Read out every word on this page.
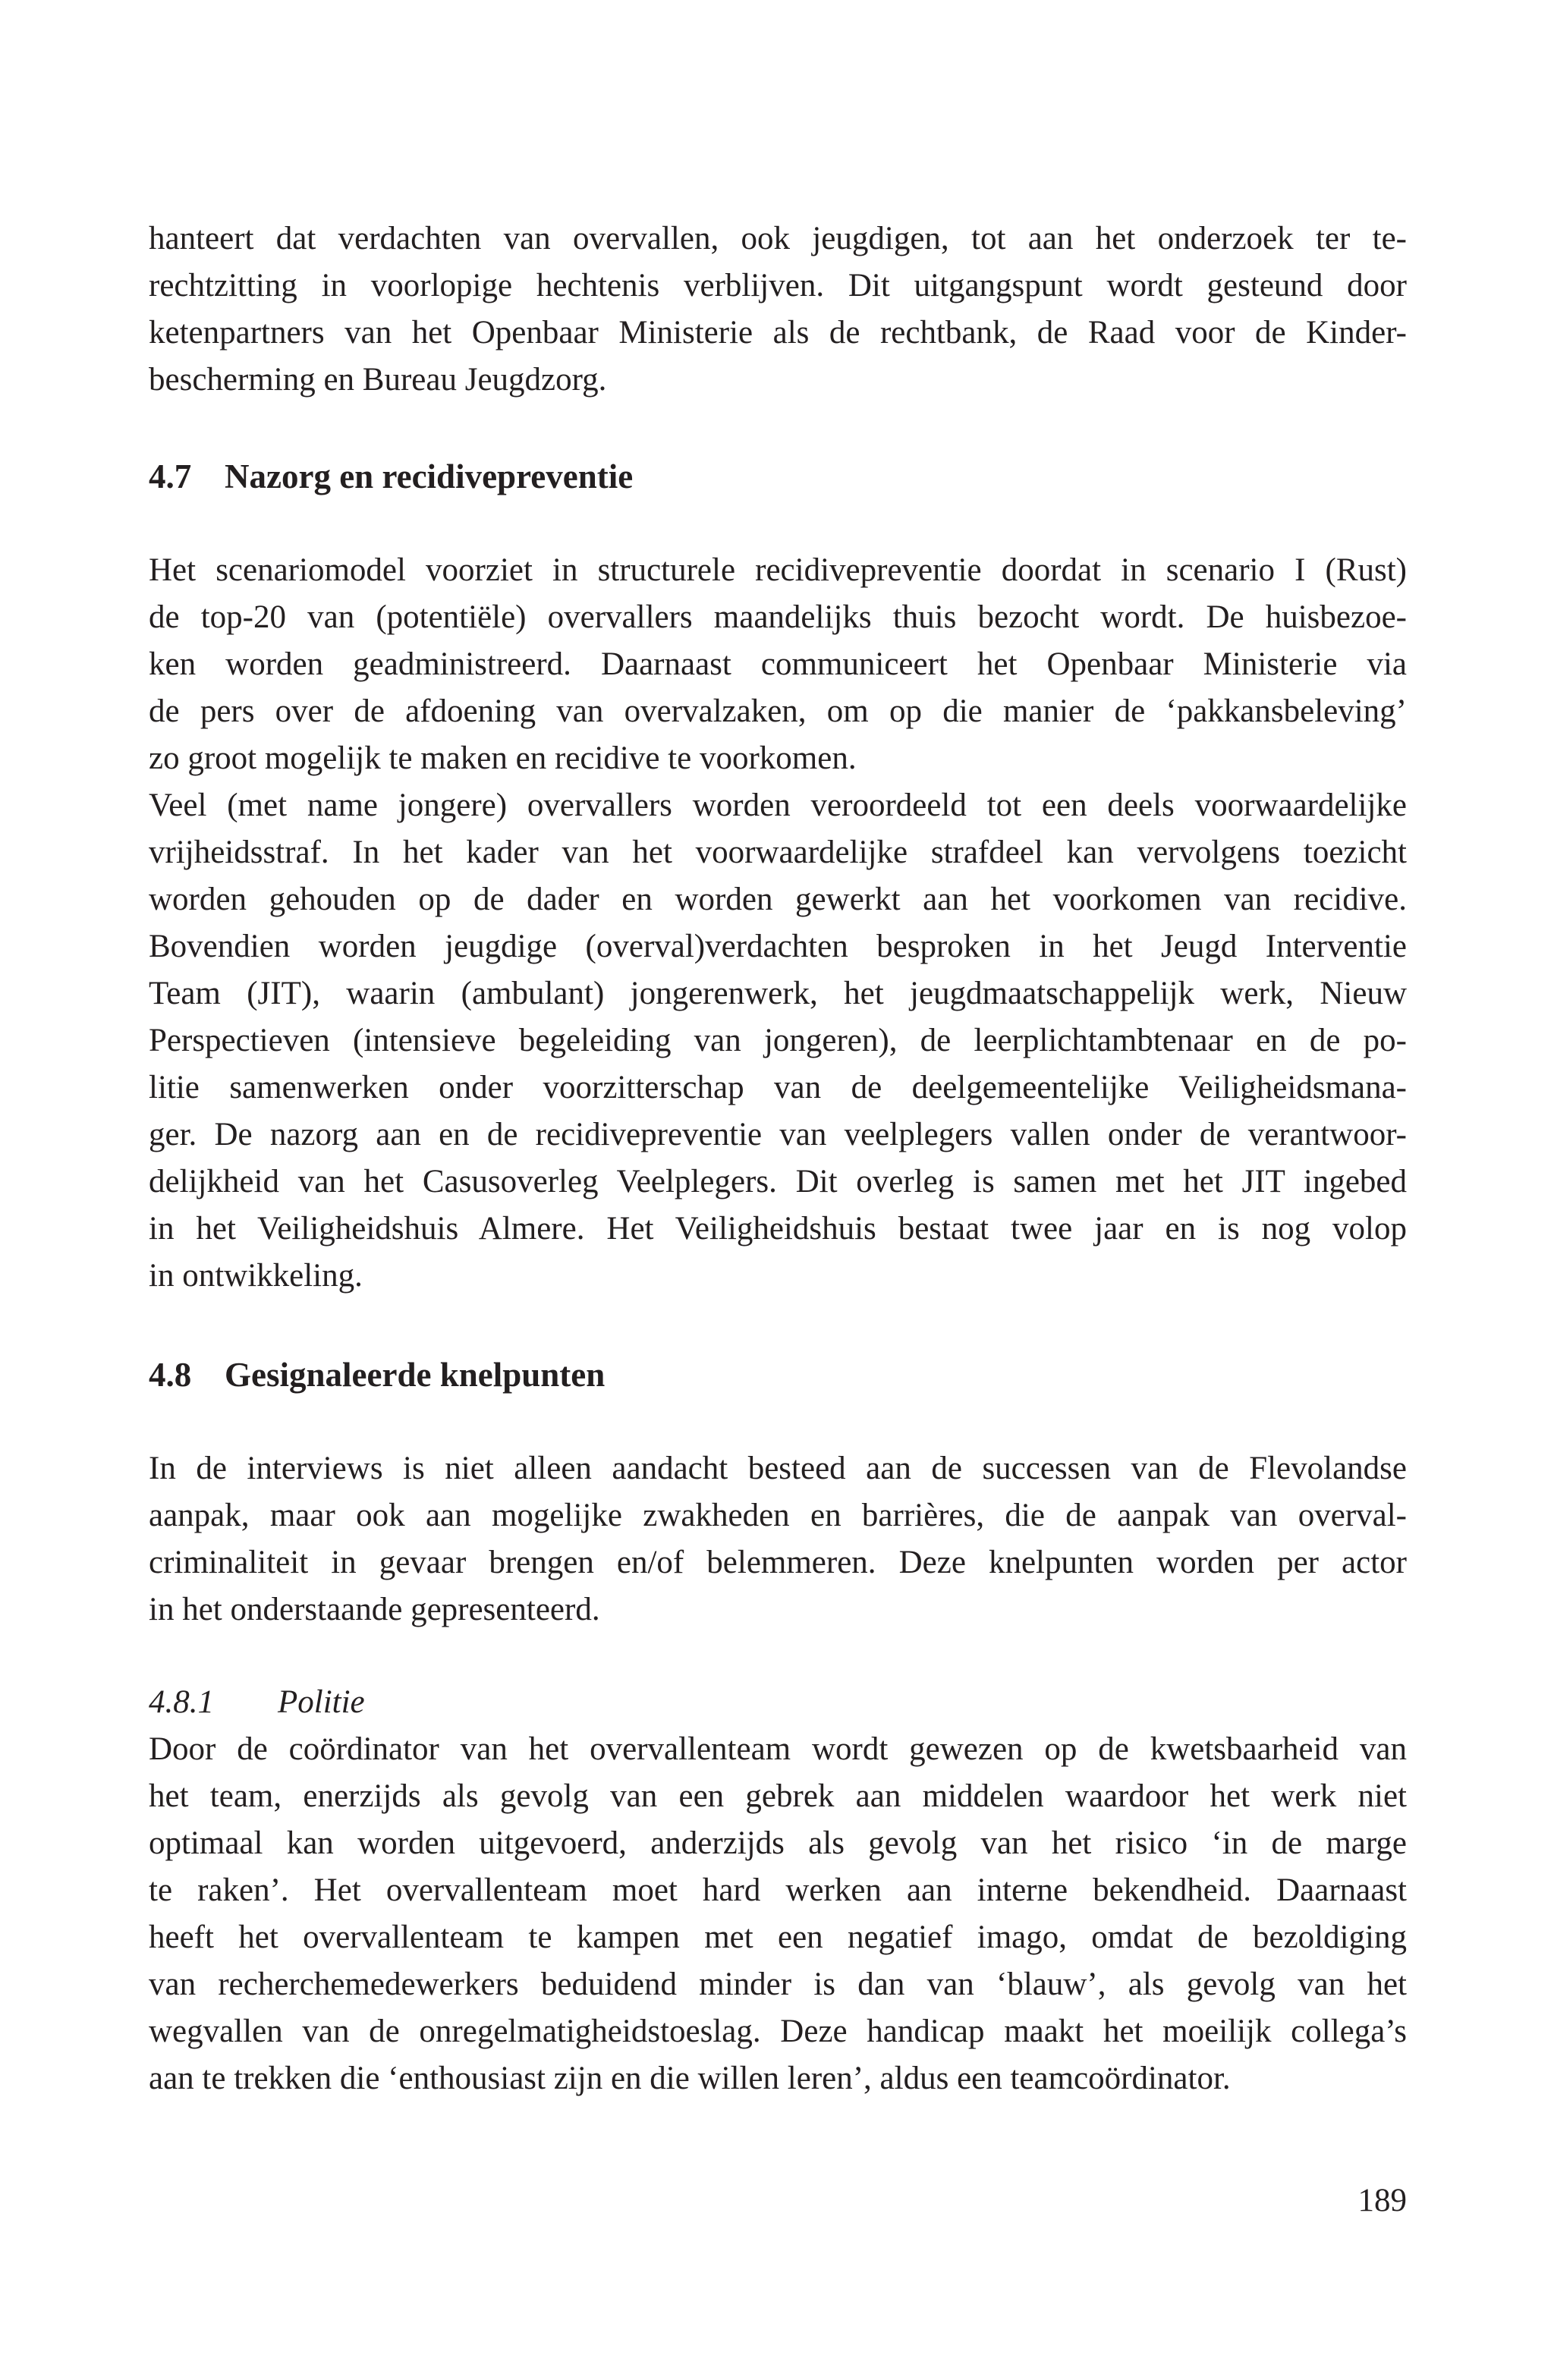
hanteert dat verdachten van overvallen, ook jeugdigen, tot aan het onderzoek ter te-
rechtzitting in voorlopige hechtenis verblijven. Dit uitgangspunt wordt gesteund door
ketenpartners van het Openbaar Ministerie als de rechtbank, de Raad voor de Kinder-
bescherming en Bureau Jeugdzorg.
4.7 Nazorg en recidivepreventie
Het scenariomodel voorziet in structurele recidivepreventie doordat in scenario I (Rust)
de top-20 van (potentiële) overvallers maandelijks thuis bezocht wordt. De huisbezoe-
ken worden geadministreerd. Daarnaast communiceert het Openbaar Ministerie via
de pers over de afdoening van overvalzaken, om op die manier de ‘pakkansbeleving’
zo groot mogelijk te maken en recidive te voorkomen.
Veel (met name jongere) overvallers worden veroordeeld tot een deels voorwaardelijke
vrijheidsstraf. In het kader van het voorwaardelijke strafdeel kan vervolgens toezicht
worden gehouden op de dader en worden gewerkt aan het voorkomen van recidive.
Bovendien worden jeugdige (overval)verdachten besproken in het Jeugd Interventie
Team (JIT), waarin (ambulant) jongerenwerk, het jeugdmaatschappelijk werk, Nieuw
Perspectieven (intensieve begeleiding van jongeren), de leerplichtambtenaar en de po-
litie samenwerken onder voorzitterschap van de deelgemeentelijke Veiligheidsmana-
ger. De nazorg aan en de recidivepreventie van veelplegers vallen onder de verantwoor-
delijkheid van het Casusoverleg Veelplegers. Dit overleg is samen met het JIT ingebed
in het Veiligheidshuis Almere. Het Veiligheidshuis bestaat twee jaar en is nog volop
in ontwikkeling.
4.8 Gesignaleerde knelpunten
In de interviews is niet alleen aandacht besteed aan de successen van de Flevolandse
aanpak, maar ook aan mogelijke zwakheden en barrières, die de aanpak van overval-
criminaliteit in gevaar brengen en/of belemmeren. Deze knelpunten worden per actor
in het onderstaande gepresenteerd.
4.8.1 Politie
Door de coördinator van het overvallenteam wordt gewezen op de kwetsbaarheid van
het team, enerzijds als gevolg van een gebrek aan middelen waardoor het werk niet
optimaal kan worden uitgevoerd, anderzijds als gevolg van het risico ‘in de marge
te raken’. Het overvallenteam moet hard werken aan interne bekendheid. Daarnaast
heeft het overvallenteam te kampen met een negatief imago, omdat de bezoldiging
van recherchemedewerkers beduidend minder is dan van ‘blauw’, als gevolg van het
wegvallen van de onregelmatigheidstoeslag. Deze handicap maakt het moeilijk collega’s
aan te trekken die ‘enthousiast zijn en die willen leren’, aldus een teamcoördinator.
189
